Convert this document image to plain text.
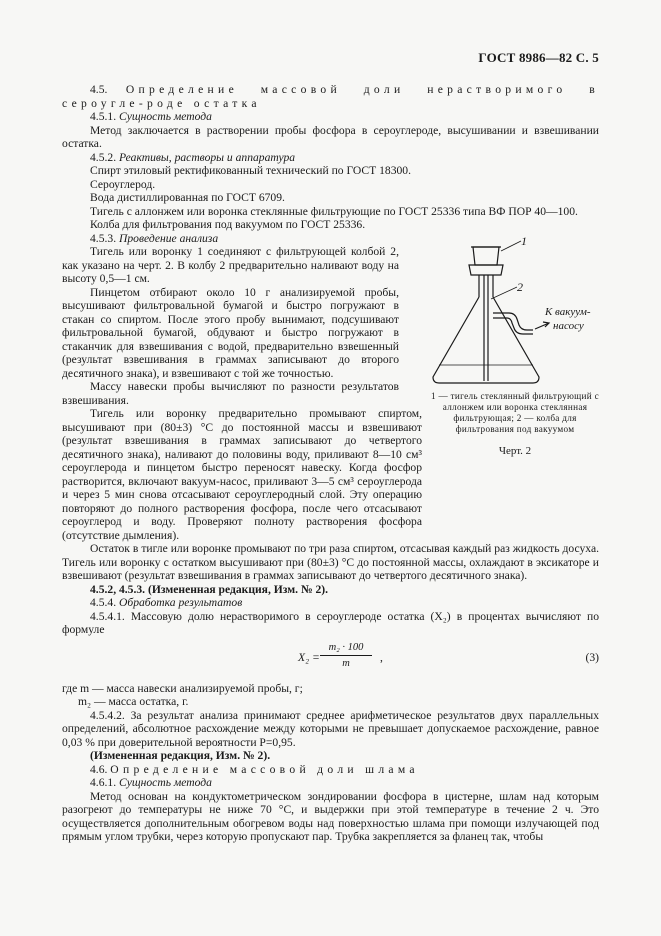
ГОСТ 8986—82 С. 5
1
2
К вакуум-
насосу
1 — тигель стеклянный фильтрующий с аллонжем или воронка стеклянная фильтрующая; 2 — колба для фильтрования под вакуумом
Черт. 2

4.5. Определение массовой доли нерастворимого в сероугле-роде остатка

4.5.1. Сущность метода

Метод заключается в растворении пробы фосфора в сероуглероде, высушивании и взвешивании остатка.

4.5.2. Реактивы, растворы и аппаратура

Спирт этиловый ректификованный технический по ГОСТ 18300.

Сероуглерод.

Вода дистиллированная по ГОСТ 6709.

Тигель с аллонжем или воронка стеклянные фильтрующие по ГОСТ 25336 типа ВФ ПОР 40—100.

Колба для фильтрования под вакуумом по ГОСТ 25336.

4.5.3. Проведение анализа

Тигель или воронку 1 соединяют с фильтрующей колбой 2, как указано на черт. 2. В колбу 2 предварительно наливают воду на высоту 0,5—1 см.

Пинцетом отбирают около 10 г анализируемой пробы, высушивают фильтровальной бумагой и быстро погружают в стакан со спиртом. После этого пробу вынимают, подсушивают фильтровальной бумагой, обдувают и быстро погружают в стаканчик для взвешивания с водой, предварительно взвешенный (результат взвешивания в граммах записывают до второго десятичного знака), и взвешивают с той же точностью.

Массу навески пробы вычисляют по разности результатов взвешивания.

Тигель или воронку предварительно промывают спиртом, высушивают при (80±3) °С до постоянной массы и взвешивают (результат взвешивания в граммах записывают до четвертого десятичного знака), наливают до половины воду, приливают 8—10 см³ сероуглерода и пинцетом быстро переносят навеску. Когда фосфор растворится, включают вакуум-насос, приливают 3—5 см³ сероуглерода и через 5 мин снова отсасывают сероуглеродный слой. Эту операцию повторяют до полного растворения фосфора, после чего отсасывают сероуглерод и воду. Проверяют полноту растворения фосфора (отсутствие дымления).

Остаток в тигле или воронке промывают по три раза спиртом, отсасывая каждый раз жидкость досуха. Тигель или воронку с остатком высушивают при (80±3) °С до постоянной массы, охлаждают в эксикаторе и взвешивают (результат взвешивания в граммах записывают до четвертого десятичного знака).

4.5.2, 4.5.3. (Измененная редакция, Изм. № 2).

4.5.4. Обработка результатов

4.5.4.1. Массовую долю нерастворимого в сероуглероде остатка (X₂) в процентах вычисляют по формуле

$X_2 = \frac{\text{m₂ · 100}}{m}$ ,	(3)

где m — масса навески анализируемой пробы, г;

m₂ — масса остатка, г.

4.5.4.2. За результат анализа принимают среднее арифметическое результатов двух параллельных определений, абсолютное расхождение между которыми не превышает допускаемое расхождение, равное 0,03 % при доверительной вероятности P=0,95.

(Измененная редакция, Изм. № 2).

4.6. Определение массовой доли шлама

4.6.1. Сущность метода

Метод основан на кондуктометрическом зондировании фосфора в цистерне, шлам над которым разогреют до температуры не ниже 70 °С, и выдержки при этой температуре в течение 2 ч. Это осуществляется дополнительным обогревом воды над поверхностью шлама при помощи излучающей под прямым углом трубки, через которую пропускают пар. Трубка закрепляется за фланец так, чтобы
